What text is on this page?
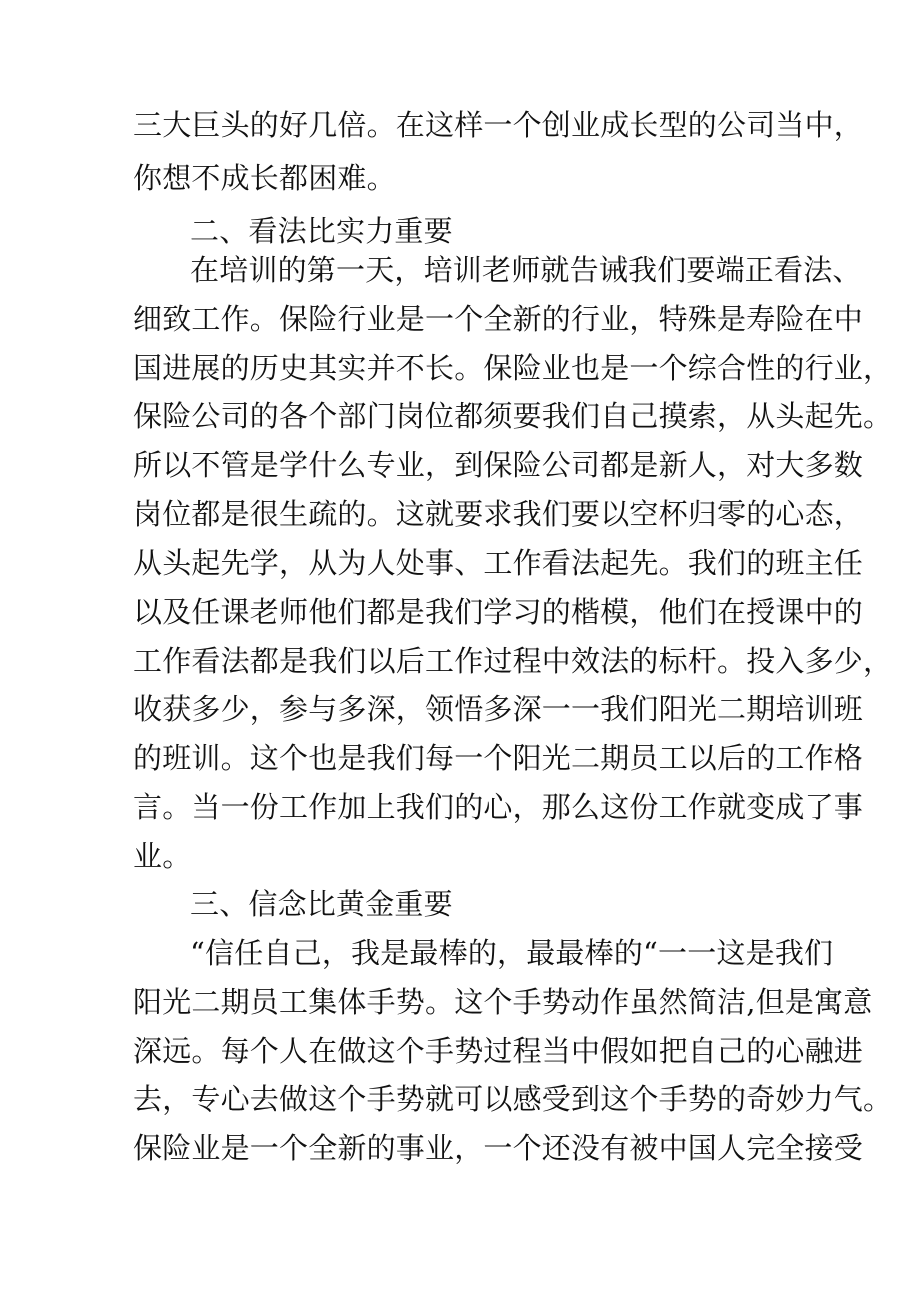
三大巨头的好几倍。在这样一个创业成长型的公司当中，
你想不成长都困难。
二、看法比实力重要
在培训的第一天，培训老师就告诫我们要端正看法、
细致工作。保险行业是一个全新的行业，特殊是寿险在中
国进展的历史其实并不长。保险业也是一个综合性的行业，
保险公司的各个部门岗位都须要我们自己摸索，从头起先。
所以不管是学什么专业，到保险公司都是新人，对大多数
岗位都是很生疏的。这就要求我们要以空杯归零的心态，
从头起先学，从为人处事、工作看法起先。我们的班主任
以及任课老师他们都是我们学习的楷模，他们在授课中的
工作看法都是我们以后工作过程中效法的标杆。投入多少，
收获多少，参与多深，领悟多深一一我们阳光二期培训班
的班训。这个也是我们每一个阳光二期员工以后的工作格
言。当一份工作加上我们的心，那么这份工作就变成了事
业。
三、信念比黄金重要
“信任自己，我是最棒的，最最棒的“一一这是我们
阳光二期员工集体手势。这个手势动作虽然简洁,但是寓意
深远。每个人在做这个手势过程当中假如把自己的心融进
去，专心去做这个手势就可以感受到这个手势的奇妙力气。
保险业是一个全新的事业，一个还没有被中国人完全接受
